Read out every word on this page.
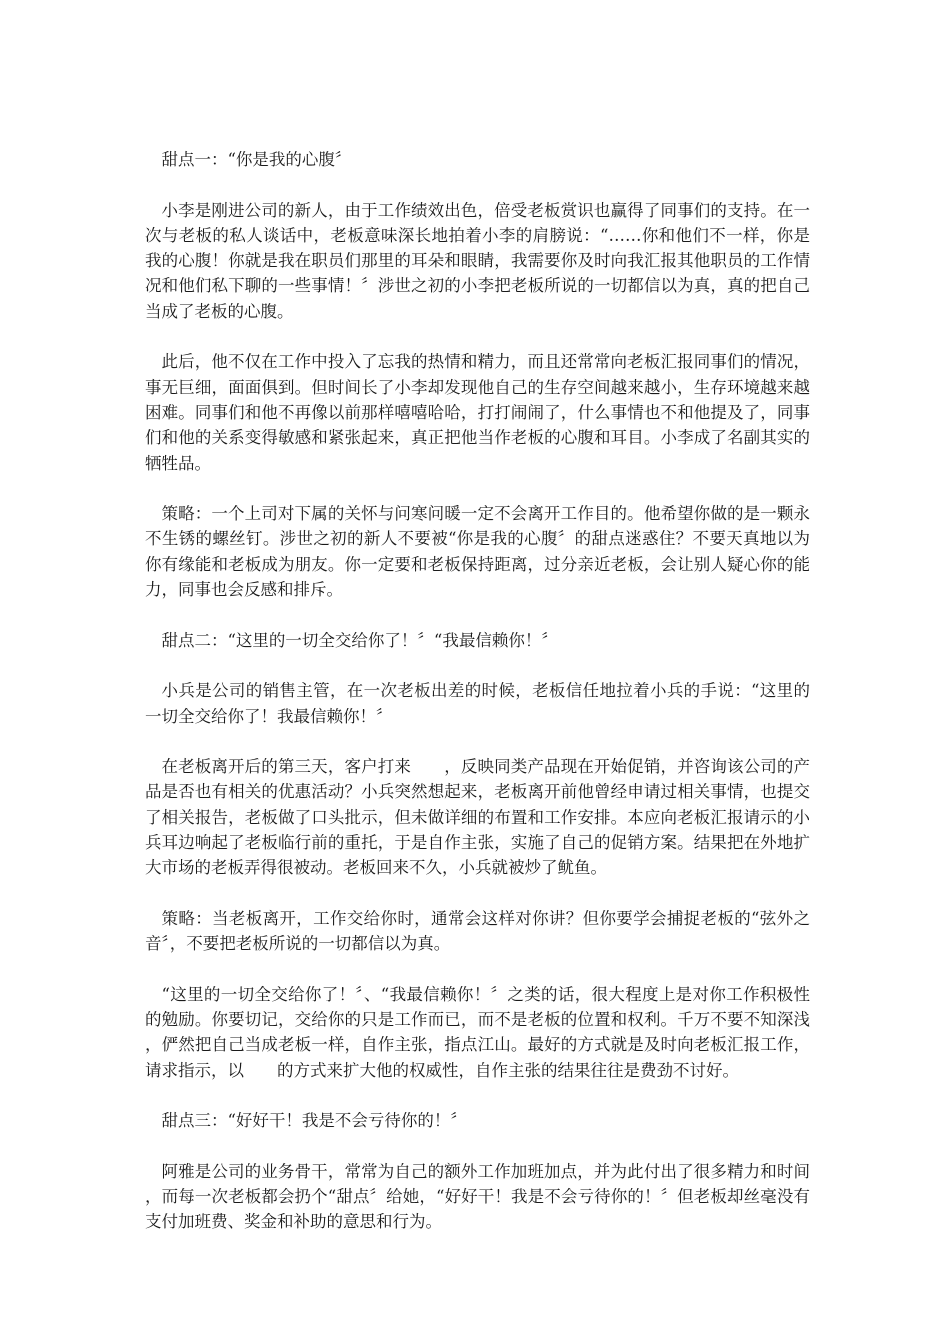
甜点一：“你是我的心腹〞

小李是刚进公司的新人，由于工作绩效出色，倍受老板赏识也赢得了同事们的支持。在一次与老板的私人谈话中，老板意味深长地拍着小李的肩膀说：“……你和他们不一样，你是我的心腹！你就是我在职员们那里的耳朵和眼睛，我需要你及时向我汇报其他职员的工作情况和他们私下聊的一些事情！〞涉世之初的小李把老板所说的一切都信以为真，真的把自己当成了老板的心腹。

此后，他不仅在工作中投入了忘我的热情和精力，而且还常常向老板汇报同事们的情况，事无巨细，面面俱到。但时间长了小李却发现他自己的生存空间越来越小，生存环境越来越困难。同事们和他不再像以前那样嘻嘻哈哈，打打闹闹了，什么事情也不和他提及了，同事们和他的关系变得敏感和紧张起来，真正把他当作老板的心腹和耳目。小李成了名副其实的牺牲品。

策略：一个上司对下属的关怀与问寒问暖一定不会离开工作目的。他希望你做的是一颗永不生锈的螺丝钉。涉世之初的新人不要被“你是我的心腹〞的甜点迷惑住？不要天真地以为你有缘能和老板成为朋友。你一定要和老板保持距离，过分亲近老板，会让别人疑心你的能力，同事也会反感和排斥。

甜点二：“这里的一切全交给你了！〞“我最信赖你！〞

小兵是公司的销售主管，在一次老板出差的时候，老板信任地拉着小兵的手说：“这里的一切全交给你了！我最信赖你！〞

在老板离开后的第三天，客户打来　　，反映同类产品现在开始促销，并咨询该公司的产品是否也有相关的优惠活动？小兵突然想起来，老板离开前他曾经申请过相关事情，也提交了相关报告，老板做了口头批示，但未做详细的布置和工作安排。本应向老板汇报请示的小兵耳边响起了老板临行前的重托，于是自作主张，实施了自己的促销方案。结果把在外地扩大市场的老板弄得很被动。老板回来不久，小兵就被炒了鱿鱼。

策略：当老板离开，工作交给你时，通常会这样对你讲？但你要学会捕捉老板的“弦外之音〞，不要把老板所说的一切都信以为真。

“这里的一切全交给你了！〞、“我最信赖你！〞之类的话，很大程度上是对你工作积极性的勉励。你要切记，交给你的只是工作而已，而不是老板的位置和权利。千万不要不知深浅，俨然把自己当成老板一样，自作主张，指点江山。最好的方式就是及时向老板汇报工作，请求指示，以　　的方式来扩大他的权威性，自作主张的结果往往是费劲不讨好。

甜点三：“好好干！我是不会亏待你的！〞

阿雅是公司的业务骨干，常常为自己的额外工作加班加点，并为此付出了很多精力和时间，而每一次老板都会扔个“甜点〞给她，“好好干！我是不会亏待你的！〞但老板却丝毫没有支付加班费、奖金和补助的意思和行为。
